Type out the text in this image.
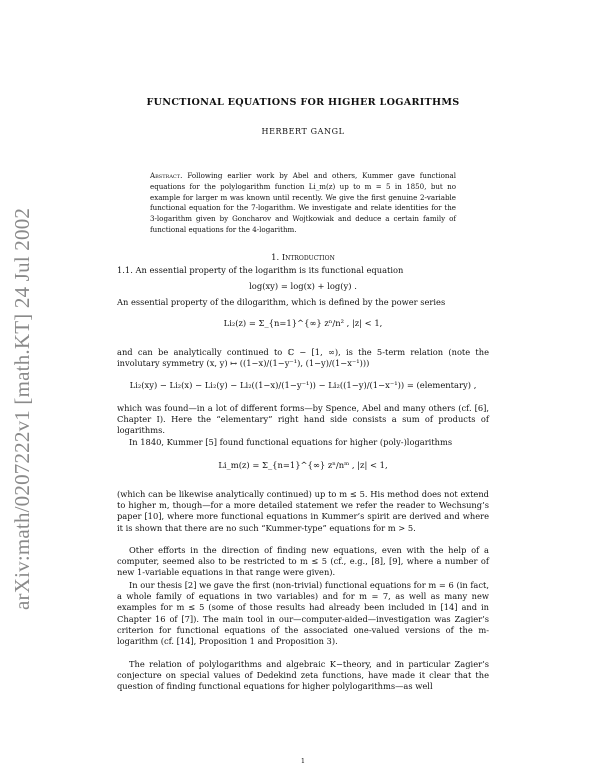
arXiv:math/0207222v1 [math.KT] 24 Jul 2002
FUNCTIONAL EQUATIONS FOR HIGHER LOGARITHMS
HERBERT GANGL
Abstract. Following earlier work by Abel and others, Kummer gave functional equations for the polylogarithm function Li_m(z) up to m = 5 in 1850, but no example for larger m was known until recently. We give the first genuine 2-variable functional equation for the 7-logarithm. We investigate and relate identities for the 3-logarithm given by Goncharov and Wojtkowiak and deduce a certain family of functional equations for the 4-logarithm.
1. Introduction
1.1. An essential property of the logarithm is its functional equation
log(xy) = log(x) + log(y) .
An essential property of the dilogarithm, which is defined by the power series
Li₂(z) = Σ_{n=1}^{∞} zⁿ/n² , |z| < 1,
and can be analytically continued to ℂ − [1, ∞), is the 5-term relation (note the involutary symmetry (x, y) ↦ ((1−x)/(1−y⁻¹), (1−y)/(1−x⁻¹)))
Li₂(xy) − Li₂(x) − Li₂(y) − Li₂((1−x)/(1−y⁻¹)) − Li₂((1−y)/(1−x⁻¹)) = (elementary) ,
which was found—in a lot of different forms—by Spence, Abel and many others (cf. [6], Chapter I). Here the “elementary” right hand side consists a sum of products of logarithms.
In 1840, Kummer [5] found functional equations for higher (poly-)logarithms
Li_m(z) = Σ_{n=1}^{∞} zⁿ/nᵐ , |z| < 1,
(which can be likewise analytically continued) up to m ≤ 5. His method does not extend to higher m, though—for a more detailed statement we refer the reader to Wechsung’s paper [10], where more functional equations in Kummer’s spirit are derived and where it is shown that there are no such “Kummer-type” equations for m > 5.
Other efforts in the direction of finding new equations, even with the help of a computer, seemed also to be restricted to m ≤ 5 (cf., e.g., [8], [9], where a number of new 1-variable equations in that range were given).
In our thesis [2] we gave the first (non-trivial) functional equations for m = 6 (in fact, a whole family of equations in two variables) and for m = 7, as well as many new examples for m ≤ 5 (some of those results had already been included in [14] and in Chapter 16 of [7]). The main tool in our—computer-aided—investigation was Zagier’s criterion for functional equations of the associated one-valued versions of the m-logarithm (cf. [14], Proposition 1 and Proposition 3).
The relation of polylogarithms and algebraic K−theory, and in particular Zagier’s conjecture on special values of Dedekind zeta functions, have made it clear that the question of finding functional equations for higher polylogarithms—as well
1
